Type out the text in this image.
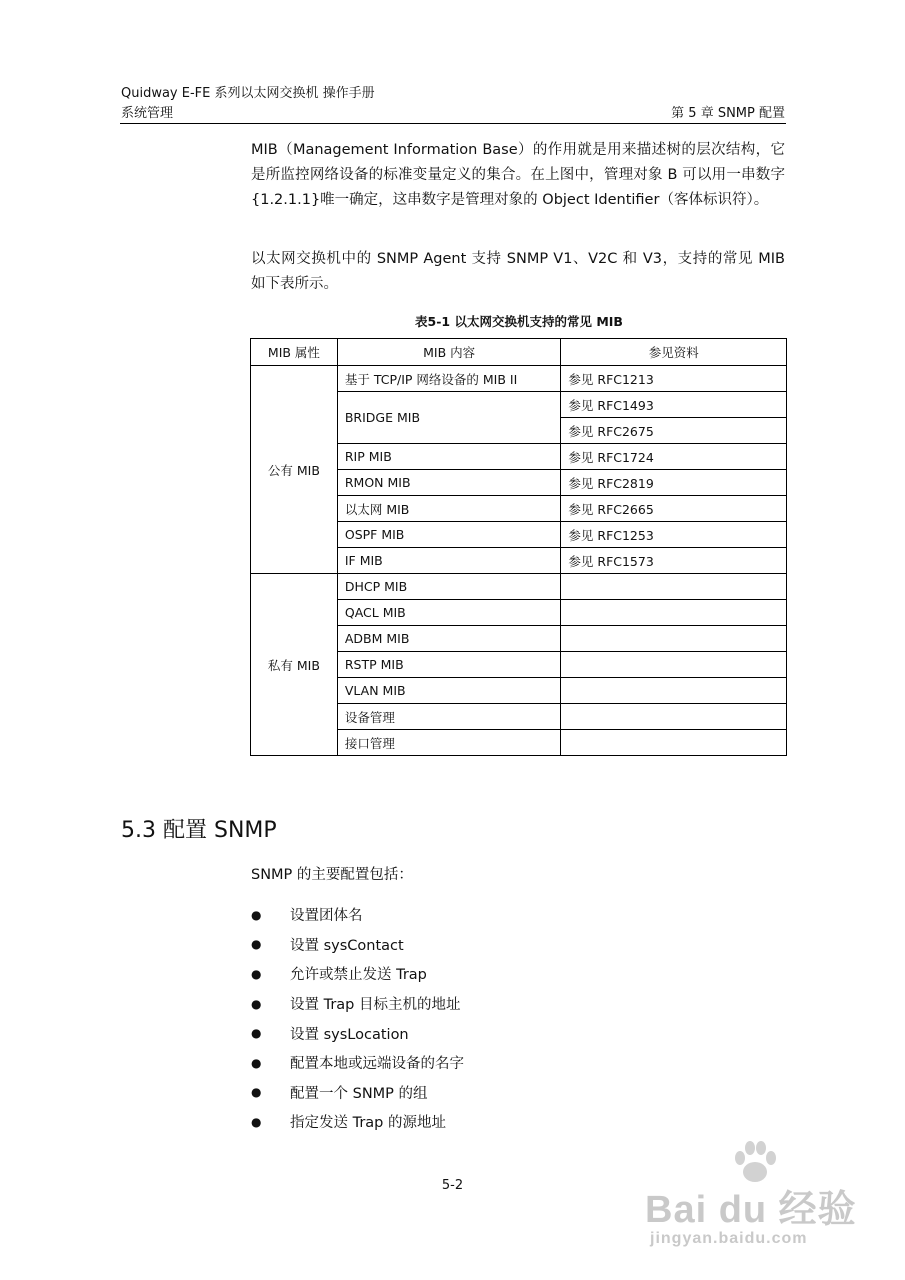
Quidway E-FE 系列以太网交换机 操作手册
系统管理	第 5 章 SNMP 配置
MIB（Management Information Base）的作用就是用来描述树的层次结构，它是所监控网络设备的标准变量定义的集合。在上图中，管理对象 B 可以用一串数字{1.2.1.1}唯一确定，这串数字是管理对象的 Object Identifier（客体标识符）。
以太网交换机中的 SNMP Agent 支持 SNMP V1、V2C 和 V3，支持的常见 MIB 如下表所示。
表5-1 以太网交换机支持的常见 MIB
MIB 属性	MIB 内容	参见资料
公有 MIB	基于 TCP/IP 网络设备的 MIB II	参见 RFC1213
	BRIDGE MIB	参见 RFC1493
		参见 RFC2675
	RIP MIB	参见 RFC1724
	RMON MIB	参见 RFC2819
	以太网 MIB	参见 RFC2665
	OSPF MIB	参见 RFC1253
	IF MIB	参见 RFC1573
私有 MIB	DHCP MIB	
	QACL MIB	
	ADBM MIB	
	RSTP MIB	
	VLAN MIB	
	设备管理	
	接口管理	
5.3 配置 SNMP
SNMP 的主要配置包括：
●	设置团体名
●	设置 sysContact
●	允许或禁止发送 Trap
●	设置 Trap 目标主机的地址
●	设置 sysLocation
●	配置本地或远端设备的名字
●	配置一个 SNMP 的组
●	指定发送 Trap 的源地址
5-2
Bai du 经验
jingyan.baidu.com
